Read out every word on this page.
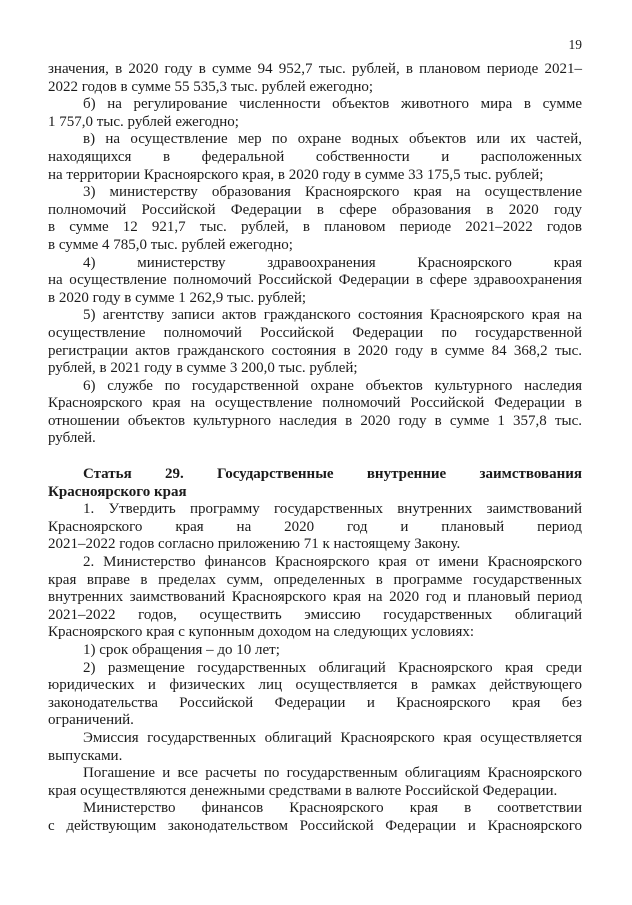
19
значения, в 2020 году в сумме 94 952,7 тыс. рублей, в плановом периоде 2021–
2022 годов в сумме 55 535,3 тыс. рублей ежегодно;
б) на регулирование численности объектов животного мира в сумме
1 757,0 тыс. рублей ежегодно;
в) на осуществление мер по охране водных объектов или их частей,
находящихся в федеральной собственности и расположенных
на территории Красноярского края, в 2020 году в сумме 33 175,5 тыс. рублей;
3) министерству образования Красноярского края на осуществление
полномочий Российской Федерации в сфере образования в 2020 году
в сумме 12 921,7 тыс. рублей, в плановом периоде 2021–2022 годов
в сумме 4 785,0 тыс. рублей ежегодно;
4) министерству здравоохранения Красноярского края
на осуществление полномочий Российской Федерации в сфере здравоохранения
в 2020 году в сумме 1 262,9 тыс. рублей;
5) агентству записи актов гражданского состояния Красноярского края на
осуществление полномочий Российской Федерации по государственной
регистрации актов гражданского состояния в 2020 году в сумме 84 368,2 тыс.
рублей, в 2021 году в сумме 3 200,0 тыс. рублей;
6) службе по государственной охране объектов культурного наследия
Красноярского края на осуществление полномочий Российской Федерации в
отношении объектов культурного наследия в 2020 году в сумме 1 357,8 тыс.
рублей.
Статья 29. Государственные внутренние заимствования
Красноярского края
1. Утвердить программу государственных внутренних заимствований
Красноярского края на 2020 год и плановый период
2021–2022 годов согласно приложению 71 к настоящему Закону.
2. Министерство финансов Красноярского края от имени Красноярского
края вправе в пределах сумм, определенных в программе государственных
внутренних заимствований Красноярского края на 2020 год и плановый период
2021–2022 годов, осуществить эмиссию государственных облигаций
Красноярского края с купонным доходом на следующих условиях:
1) срок обращения – до 10 лет;
2) размещение государственных облигаций Красноярского края среди
юридических и физических лиц осуществляется в рамках действующего
законодательства Российской Федерации и Красноярского края без
ограничений.
Эмиссия государственных облигаций Красноярского края осуществляется
выпусками.
Погашение и все расчеты по государственным облигациям Красноярского
края осуществляются денежными средствами в валюте Российской Федерации.
Министерство финансов Красноярского края в соответствии
с действующим законодательством Российской Федерации и Красноярского
